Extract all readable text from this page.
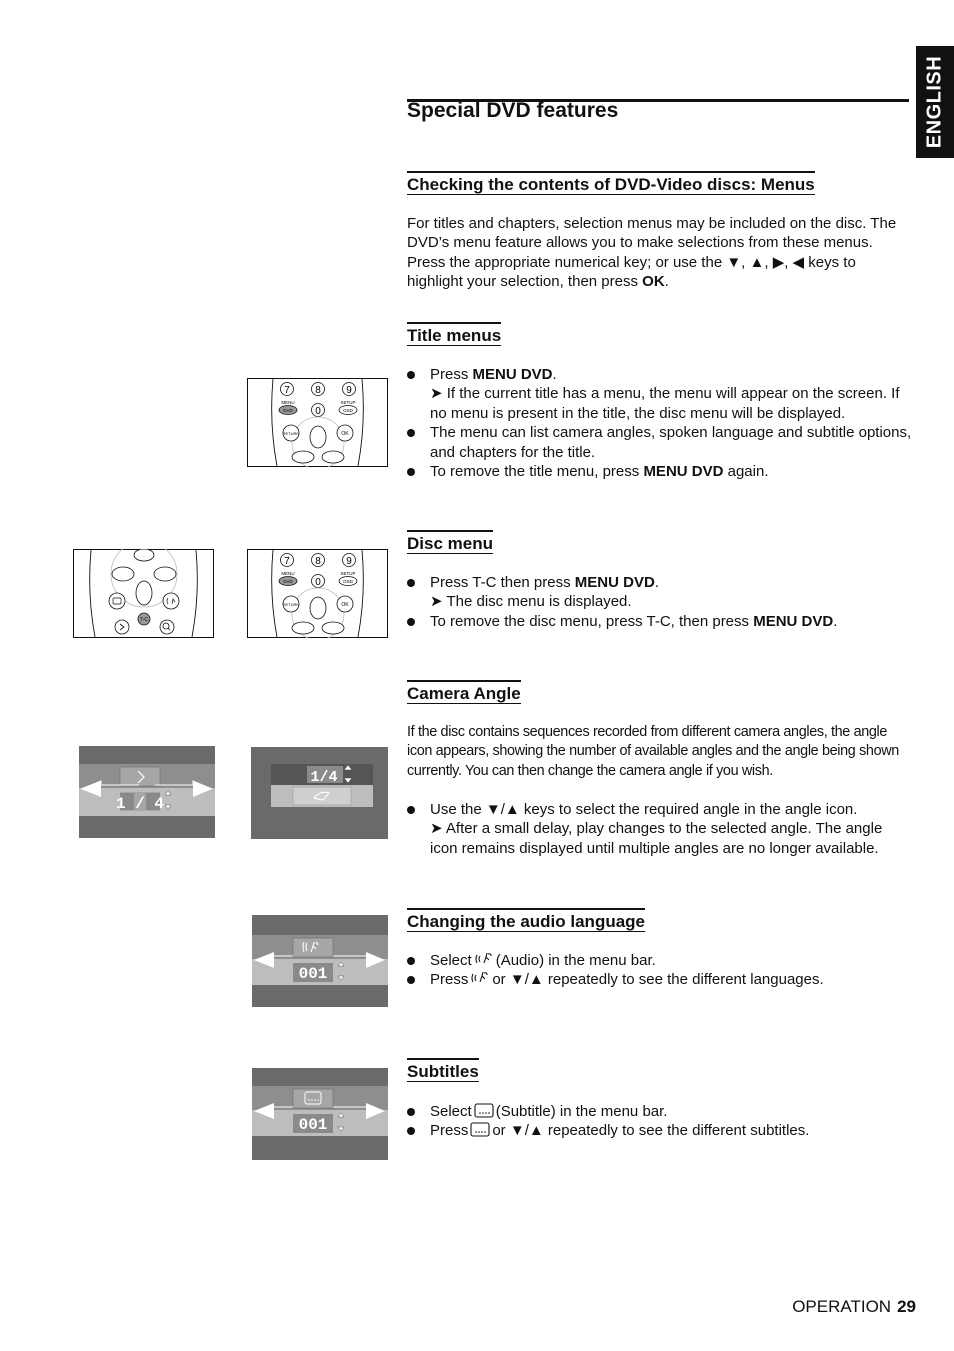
ENGLISH
Special DVD features
Checking the contents of DVD-Video discs: Menus

For titles and chapters, selection menus may be included on the disc. The DVD’s menu feature allows you to make selections from these menus. Press the appropriate numerical key; or use the ▼, ▲, ▶, ◀ keys to highlight your selection, then press OK.

Title menus
Press MENU DVD.
➤ If the current title has a menu, the menu will appear on the screen. If no menu is present in the title, the disc menu will be displayed.
The menu can list camera angles, spoken language and subtitle options, and chapters for the title.
To remove the title menu, press MENU DVD again.
Disc menu
Press T-C then press MENU DVD.
➤ The disc menu is displayed.
To remove the disc menu, press T-C, then press MENU DVD.
Camera Angle

If the disc contains sequences recorded from different camera angles, the angle icon appears, showing the number of available angles and the angle being shown currently. You can then change the camera angle if you wish.

Use the ▼/▲ keys to select the required angle in the angle icon.
➤ After a small delay, play changes to the selected angle. The angle icon remains displayed until multiple angles are no longer available.
Changing the audio language
Select (Audio) in the menu bar.
Press or ▼/▲ repeatedly to see the different languages.
Subtitles
Select (Subtitle) in the menu bar.
Press or ▼/▲ repeatedly to see the different subtitles.
7	8	9
MENU	SETUP
DVD 0	OSD
RETURN	OK
7	8	9
MENU	SETUP
DVD 0	OSD
RETURN	OK
T-C
1 / 4
1/4
001
001
OPERATION 29
